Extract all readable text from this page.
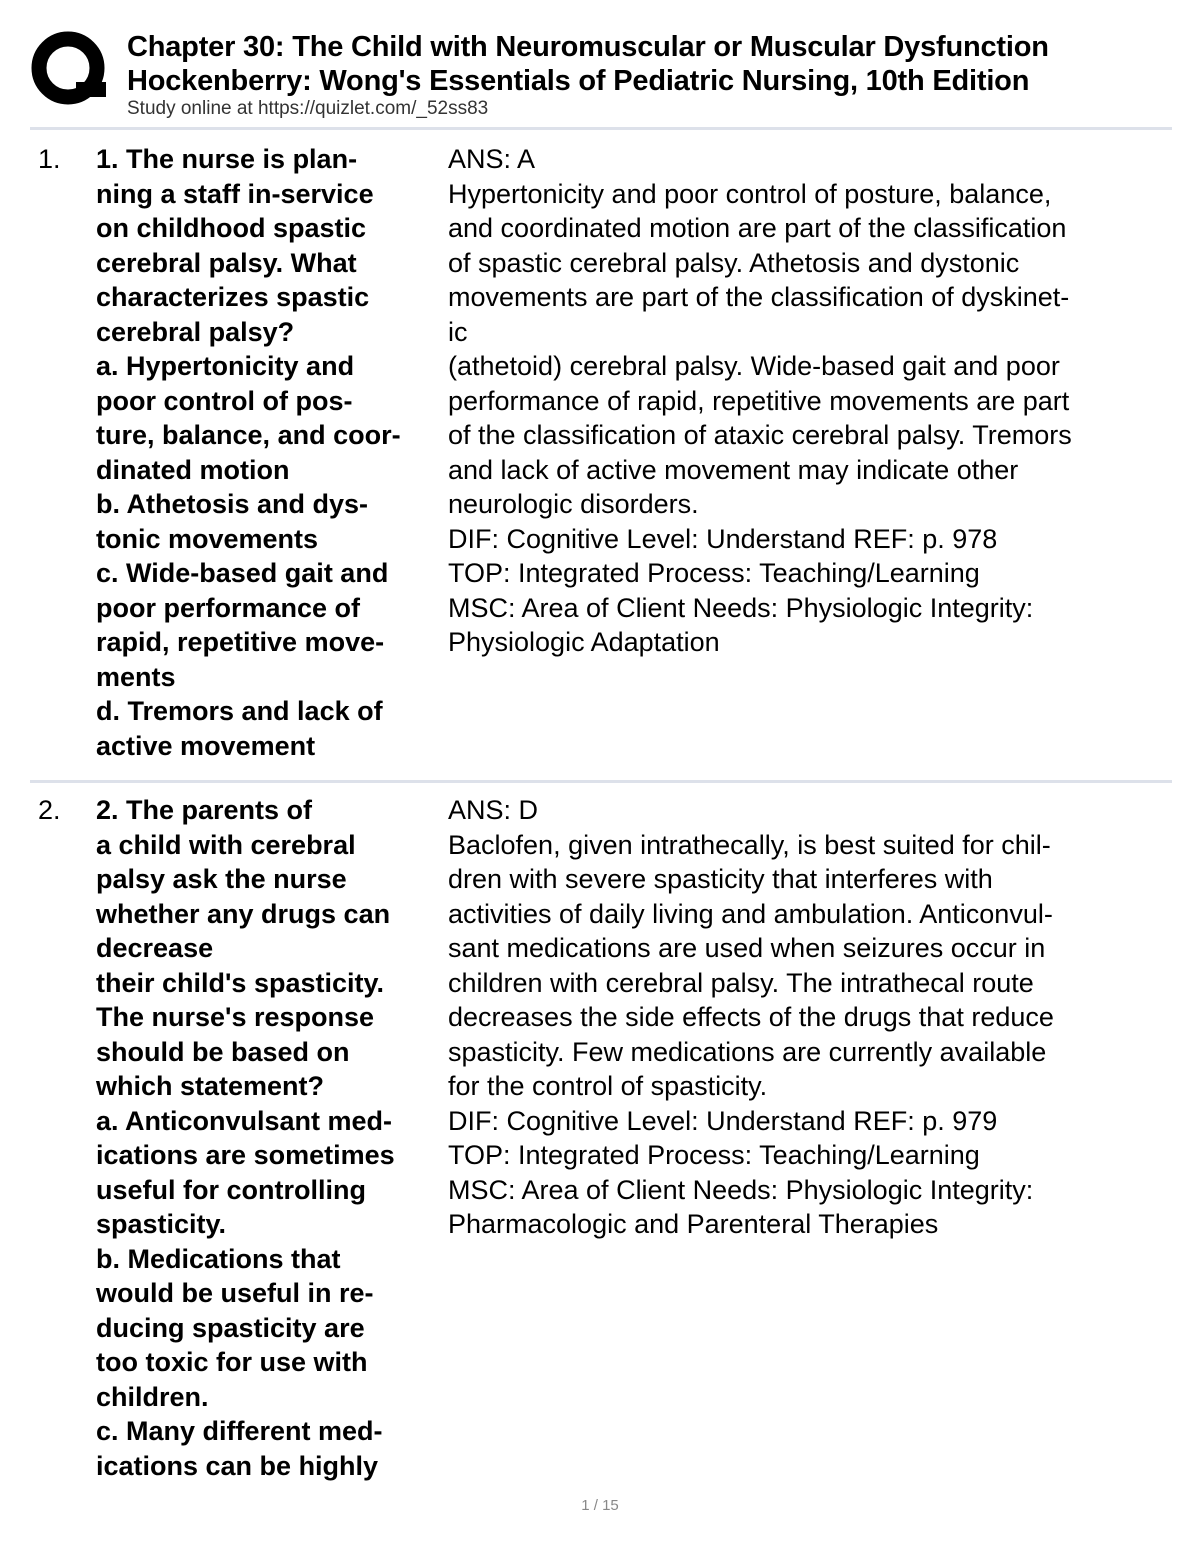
Chapter 30: The Child with Neuromuscular or Muscular Dysfunction
Hockenberry: Wong's Essentials of Pediatric Nursing, 10th Edition
Study online at https://quizlet.com/_52ss83
1. 1. The nurse is plan-
ning a staff in-service
on childhood spastic
cerebral palsy. What
characterizes spastic
cerebral palsy?
a. Hypertonicity and
poor control of pos-
ture, balance, and coor-
dinated motion
b. Athetosis and dys-
tonic movements
c. Wide-based gait and
poor performance of
rapid, repetitive move-
ments
d. Tremors and lack of
active movement
ANS: A
Hypertonicity and poor control of posture, balance,
and coordinated motion are part of the classification
of spastic cerebral palsy. Athetosis and dystonic
movements are part of the classification of dyskinet-
ic
(athetoid) cerebral palsy. Wide-based gait and poor
performance of rapid, repetitive movements are part
of the classification of ataxic cerebral palsy. Tremors
and lack of active movement may indicate other
neurologic disorders.
DIF: Cognitive Level: Understand REF: p. 978
TOP: Integrated Process: Teaching/Learning
MSC: Area of Client Needs: Physiologic Integrity:
Physiologic Adaptation
2. 2. The parents of
a child with cerebral
palsy ask the nurse
whether any drugs can
decrease
their child's spasticity.
The nurse's response
should be based on
which statement?
a. Anticonvulsant med-
ications are sometimes
useful for controlling
spasticity.
b. Medications that
would be useful in re-
ducing spasticity are
too toxic for use with
children.
c. Many different med-
ications can be highly
ANS: D
Baclofen, given intrathecally, is best suited for chil-
dren with severe spasticity that interferes with
activities of daily living and ambulation. Anticonvul-
sant medications are used when seizures occur in
children with cerebral palsy. The intrathecal route
decreases the side effects of the drugs that reduce
spasticity. Few medications are currently available
for the control of spasticity.
DIF: Cognitive Level: Understand REF: p. 979
TOP: Integrated Process: Teaching/Learning
MSC: Area of Client Needs: Physiologic Integrity:
Pharmacologic and Parenteral Therapies
1 / 15
